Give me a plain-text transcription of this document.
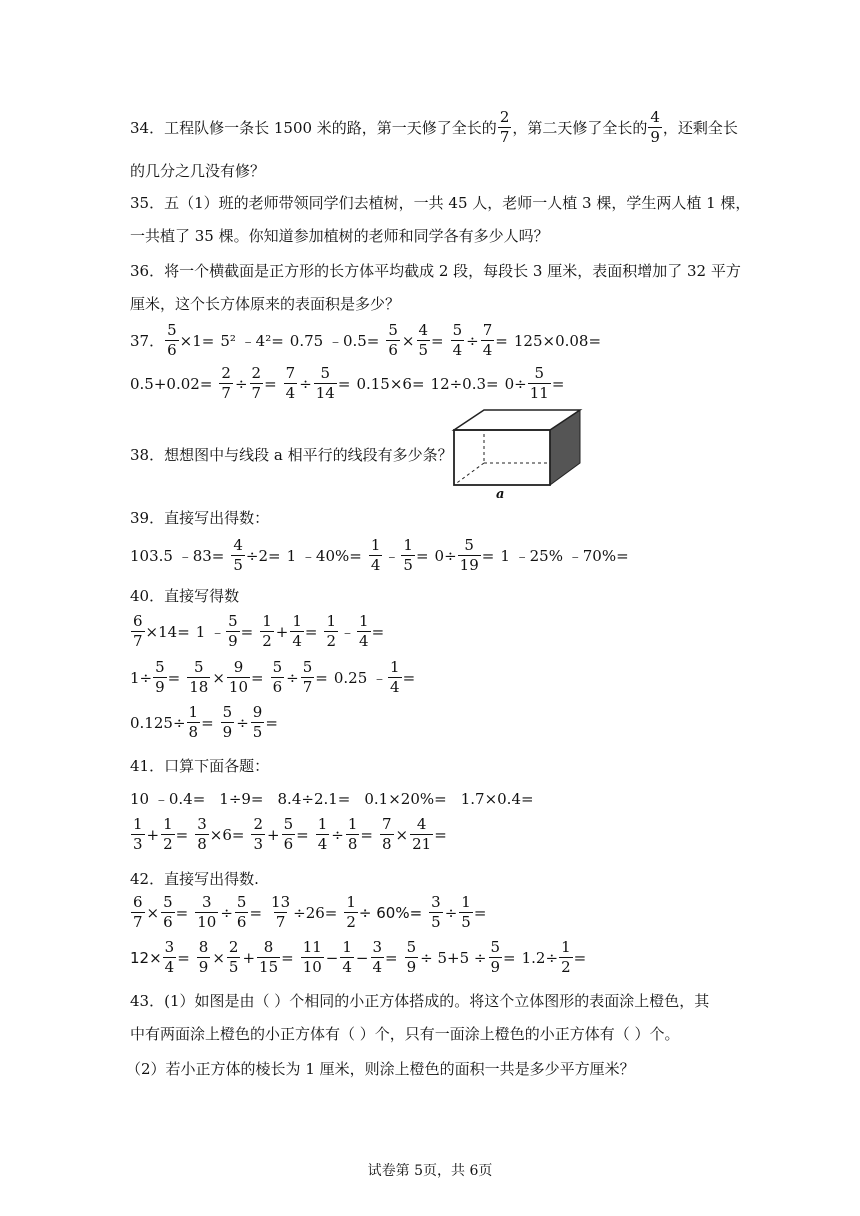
34．工程队修一条长 1500 米的路，第一天修了全长的 $\frac{2}{7}$ ，第二天修了全长的 $\frac{4}{9}$ ，还剩全长
的几分之几没有修？
35．五（1）班的老师带领同学们去植树，一共 45 人，老师一人植 3 棵，学生两人植 1 棵，
一共植了 35 棵。你知道参加植树的老师和同学各有多少人吗？
36．将一个横截面是正方形的长方体平均截成 2 段，每段长 3 厘米，表面积增加了 32 平方
厘米，这个长方体原来的表面积是多少？
37． $\frac{5}{6} \times 1= 5^2$ ﹣4²= 0.75 ﹣0.5= $\frac{5}{6} \times \frac{4}{5} = \frac{5}{4} \div \frac{7}{4} = 125\times 0.08=$
$0.5+0.02= \frac{2}{7} \div \frac{2}{7} = \frac{7}{4} \div \frac{5}{14} = 0.15\times 6= 12\div 0.3= 0\div \frac{5}{11}$ =
38．想想图中与线段 a 相平行的线段有多少条？
a
39．直接写出得数：
103.5 ﹣83= $\frac{4}{5} \div 2= 1$ ﹣40%= $\frac{1}{4}$ ﹣ $\frac{1}{5} = 0\div \frac{5}{19} = 1$ ﹣25% ﹣70%=
40．直接写得数
$\frac{6}{7} \times 14= 1$ ﹣ $\frac{5}{9} = \frac{1}{2} + \frac{1}{4} = \frac{1}{2}$ ﹣ $\frac{1}{4}$ =
$1\div \frac{5}{9} = \frac{5}{18} \times \frac{9}{10} = \frac{5}{6} \div \frac{5}{7} = 0.25$ ﹣ $\frac{1}{4}$ =
$0.125\div \frac{1}{8} = \frac{5}{9} \div \frac{9}{5}$ =
41．口算下面各题：
10 ﹣0.4= 1÷9= 8.4÷2.1= 0.1×20%= 1.7×0.4=
$\frac{1}{3} + \frac{1}{2} = \frac{3}{8} \times 6= \frac{2}{3} + \frac{5}{6} = \frac{1}{4} \div \frac{1}{8} = \frac{7}{8} \times \frac{4}{21}$ =
42．直接写出得数.
$\frac{6}{7} \times \frac{5}{6} = \frac{3}{10} \div \frac{5}{6} = \frac{13}{7} \div 26= \frac{1}{2} \div 60\%= \frac{3}{5} \div \frac{1}{5}$ =
$12\times \frac{3}{4} = \frac{8}{9} \times \frac{2}{5} + \frac{8}{15} = \frac{11}{10} - \frac{1}{4} - \frac{3}{4} = \frac{5}{9} \div 5+5 \div \frac{5}{9} = 1.2\div \frac{1}{2}$ =
43．(1）如图是由（ ）个相同的小正方体搭成的。将这个立体图形的表面涂上橙色，其
中有两面涂上橙色的小正方体有（ ）个，只有一面涂上橙色的小正方体有（ ）个。
（2）若小正方体的棱长为 1 厘米，则涂上橙色的面积一共是多少平方厘米？
试卷第 5页，共 6页
